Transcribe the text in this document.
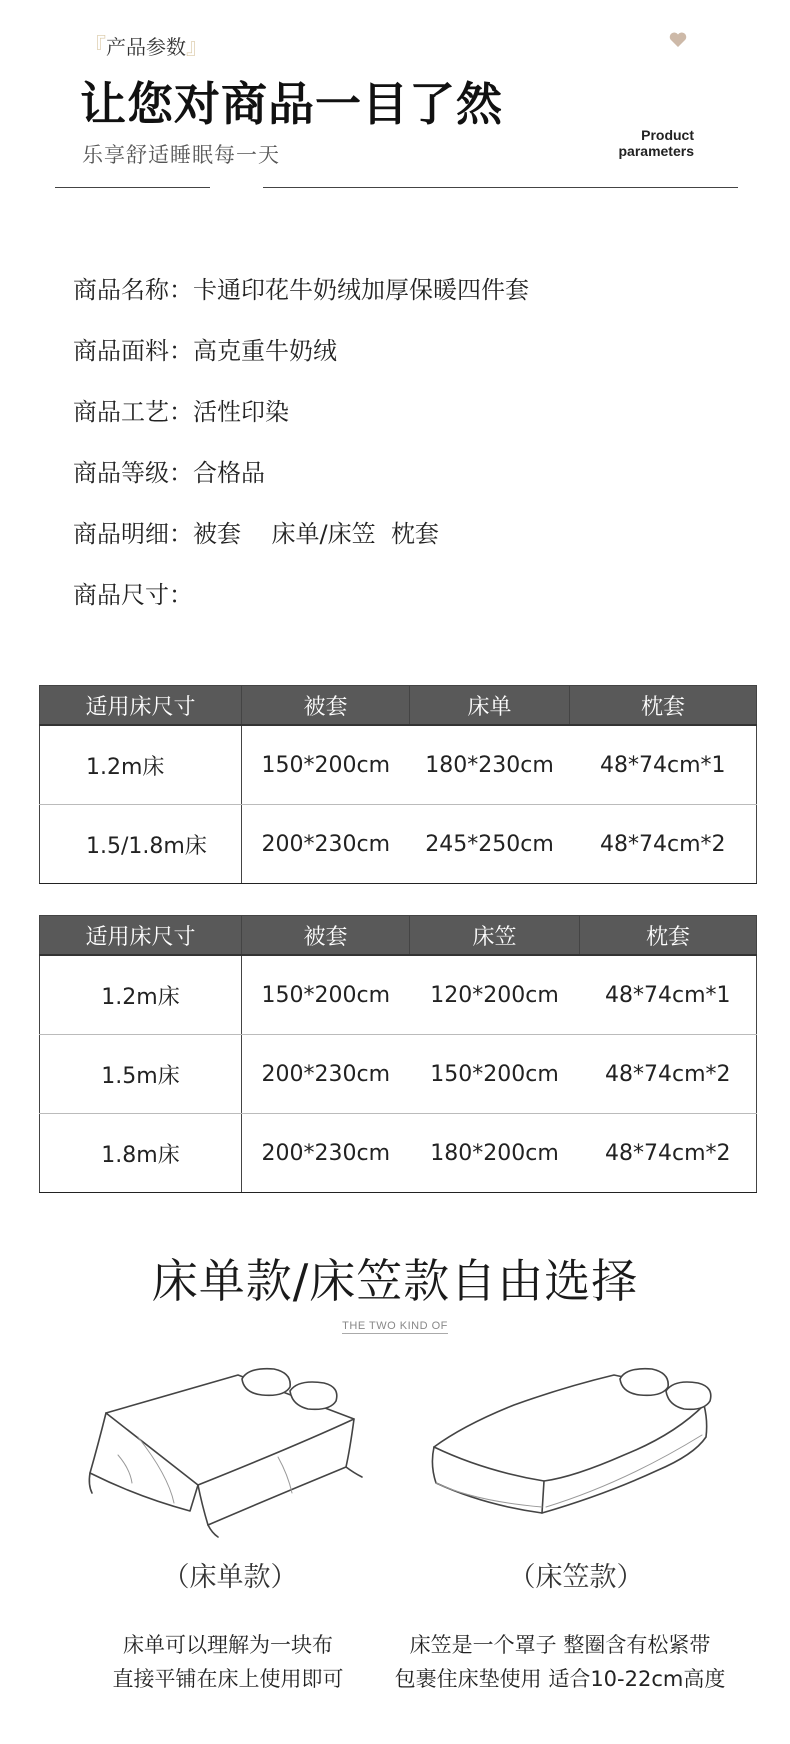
『产品参数』
让您对商品一目了然
乐享舒适睡眠每一天
Product
parameters
商品名称：卡通印花牛奶绒加厚保暖四件套
商品面料：高克重牛奶绒
商品工艺：活性印染
商品等级：合格品
商品明细：被套    床单/床笠  枕套
商品尺寸：
适用床尺寸	被套	床单	枕套
1.2m床	150*200cm	180*230cm	48*74cm*1
1.5/1.8m床	200*230cm	245*250cm	48*74cm*2
适用床尺寸	被套	床笠	枕套
1.2m床	150*200cm	120*200cm	48*74cm*1
1.5m床	200*230cm	150*200cm	48*74cm*2
1.8m床	200*230cm	180*200cm	48*74cm*2
床单款/床笠款自由选择
THE TWO KIND OF
（床单款）	（床笠款）
床单可以理解为一块布
直接平铺在床上使用即可
床笠是一个罩子 整圈含有松紧带
包裹住床垫使用 适合10-22cm高度
